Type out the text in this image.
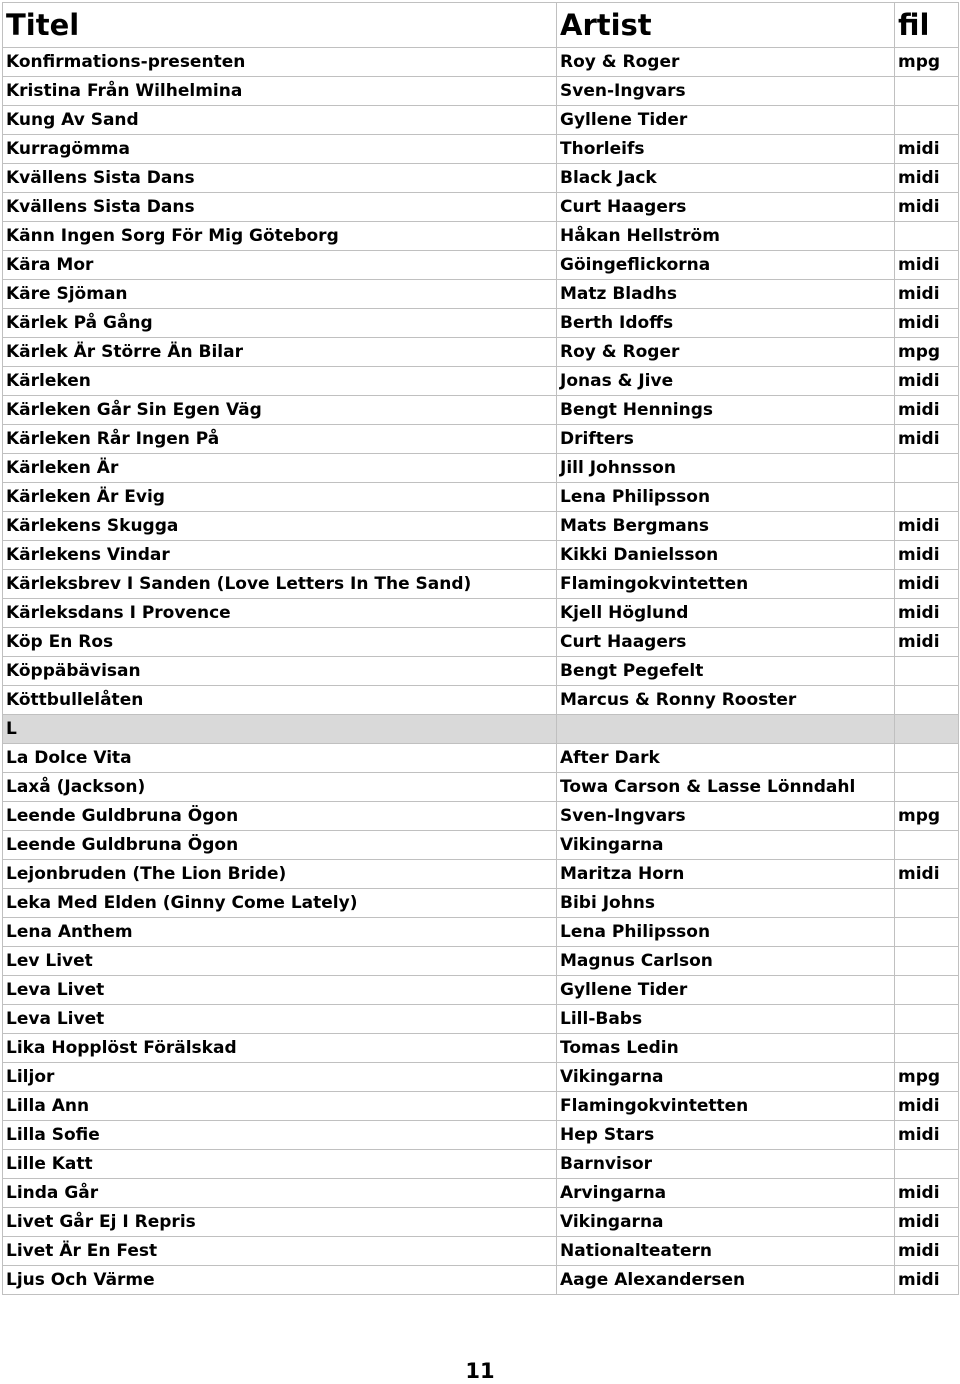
Titel	Artist	fil
Konfirmations-presenten	Roy & Roger	mpg
Kristina Från Wilhelmina	Sven-Ingvars	
Kung Av Sand	Gyllene Tider	
Kurragömma	Thorleifs	midi
Kvällens Sista Dans	Black Jack	midi
Kvällens Sista Dans	Curt Haagers	midi
Känn Ingen Sorg För Mig Göteborg	Håkan Hellström	
Kära Mor	Göingeflickorna	midi
Käre Sjöman	Matz Bladhs	midi
Kärlek På Gång	Berth Idoffs	midi
Kärlek Är Större Än Bilar	Roy & Roger	mpg
Kärleken	Jonas & Jive	midi
Kärleken Går Sin Egen Väg	Bengt Hennings	midi
Kärleken Rår Ingen På	Drifters	midi
Kärleken Är	Jill Johnsson	
Kärleken Är Evig	Lena Philipsson	
Kärlekens Skugga	Mats Bergmans	midi
Kärlekens Vindar	Kikki Danielsson	midi
Kärleksbrev I Sanden (Love Letters In The Sand)	Flamingokvintetten	midi
Kärleksdans I Provence	Kjell Höglund	midi
Köp En Ros	Curt Haagers	midi
Köppäbävisan	Bengt Pegefelt	
Köttbullelåten	Marcus & Ronny Rooster	
L		
La Dolce Vita	After Dark	
Laxå (Jackson)	Towa Carson & Lasse Lönndahl	
Leende Guldbruna Ögon	Sven-Ingvars	mpg
Leende Guldbruna Ögon	Vikingarna	
Lejonbruden (The Lion Bride)	Maritza Horn	midi
Leka Med Elden (Ginny Come Lately)	Bibi Johns	
Lena Anthem	Lena Philipsson	
Lev Livet	Magnus Carlson	
Leva Livet	Gyllene Tider	
Leva Livet	Lill-Babs	
Lika Hopplöst Förälskad	Tomas Ledin	
Liljor	Vikingarna	mpg
Lilla Ann	Flamingokvintetten	midi
Lilla Sofie	Hep Stars	midi
Lille Katt	Barnvisor	
Linda Går	Arvingarna	midi
Livet Går Ej I Repris	Vikingarna	midi
Livet Är En Fest	Nationalteatern	midi
Ljus Och Värme	Aage Alexandersen	midi
11
